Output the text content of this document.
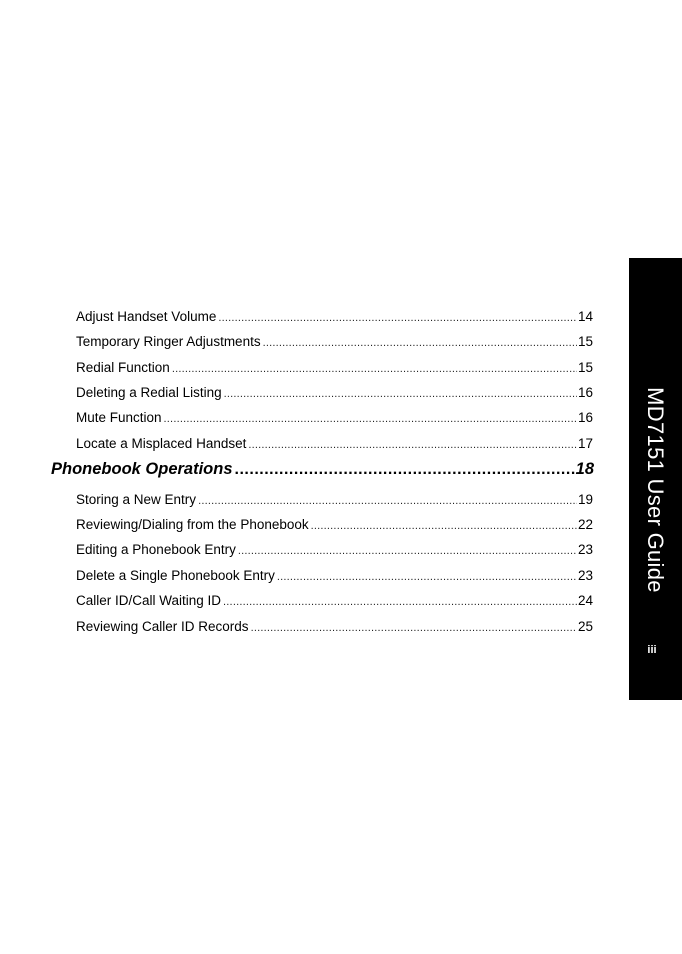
Adjust Handset Volume .....	14
Temporary Ringer Adjustments .....	15
Redial Function .....	15
Deleting a Redial Listing .....	16
Mute Function .....	16
Locate a Misplaced Handset .....	17
Phonebook Operations .....	18
Storing a New Entry .....	19
Reviewing/Dialing from the Phonebook .....	22
Editing a Phonebook Entry .....	23
Delete a Single Phonebook Entry .....	23
Caller ID/Call Waiting ID .....	24
Reviewing Caller ID Records .....	25
MD7151 User Guide
iii
